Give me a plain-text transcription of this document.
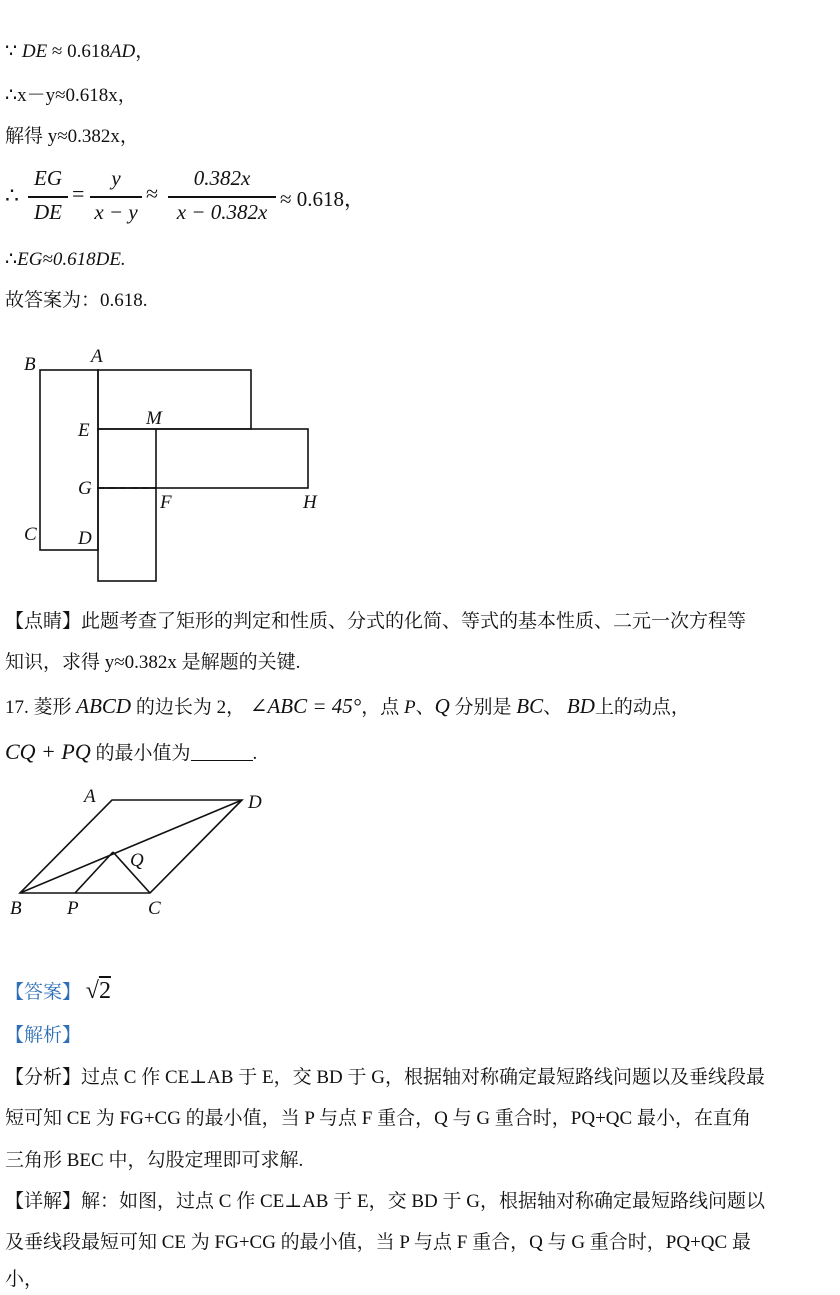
∵ DE ≈ 0.618AD，
∴x－y≈0.618x，
解得 y≈0.382x，
∴
EG
DE
=
y
x − y
≈
0.382x
x − 0.382x
≈ 0.618，
∴EG≈0.618DE.
故答案为：0.618.
B	A
E
M
G
F	H
C D
【点睛】此题考查了矩形的判定和性质、分式的化简、等式的基本性质、二元一次方程等
知识，求得 y≈0.382x 是解题的关键.
17. 菱形 ABCD 的边长为 2， ∠ABC = 45°，点 P、Q 分别是 BC、 BD上的动点，
CQ + PQ 的最小值为	.
A	D
Q
B P	C
【答案】 √2
【解析】
【分析】过点 C 作 CE⊥AB 于 E，交 BD 于 G，根据轴对称确定最短路线问题以及垂线段最
短可知 CE 为 FG+CG 的最小值，当 P 与点 F 重合，Q 与 G 重合时，PQ+QC 最小，在直角
三角形 BEC 中，勾股定理即可求解.
【详解】解：如图，过点 C 作 CE⊥AB 于 E，交 BD 于 G，根据轴对称确定最短路线问题以
及垂线段最短可知 CE 为 FG+CG 的最小值，当 P 与点 F 重合，Q 与 G 重合时，PQ+QC 最
小，
